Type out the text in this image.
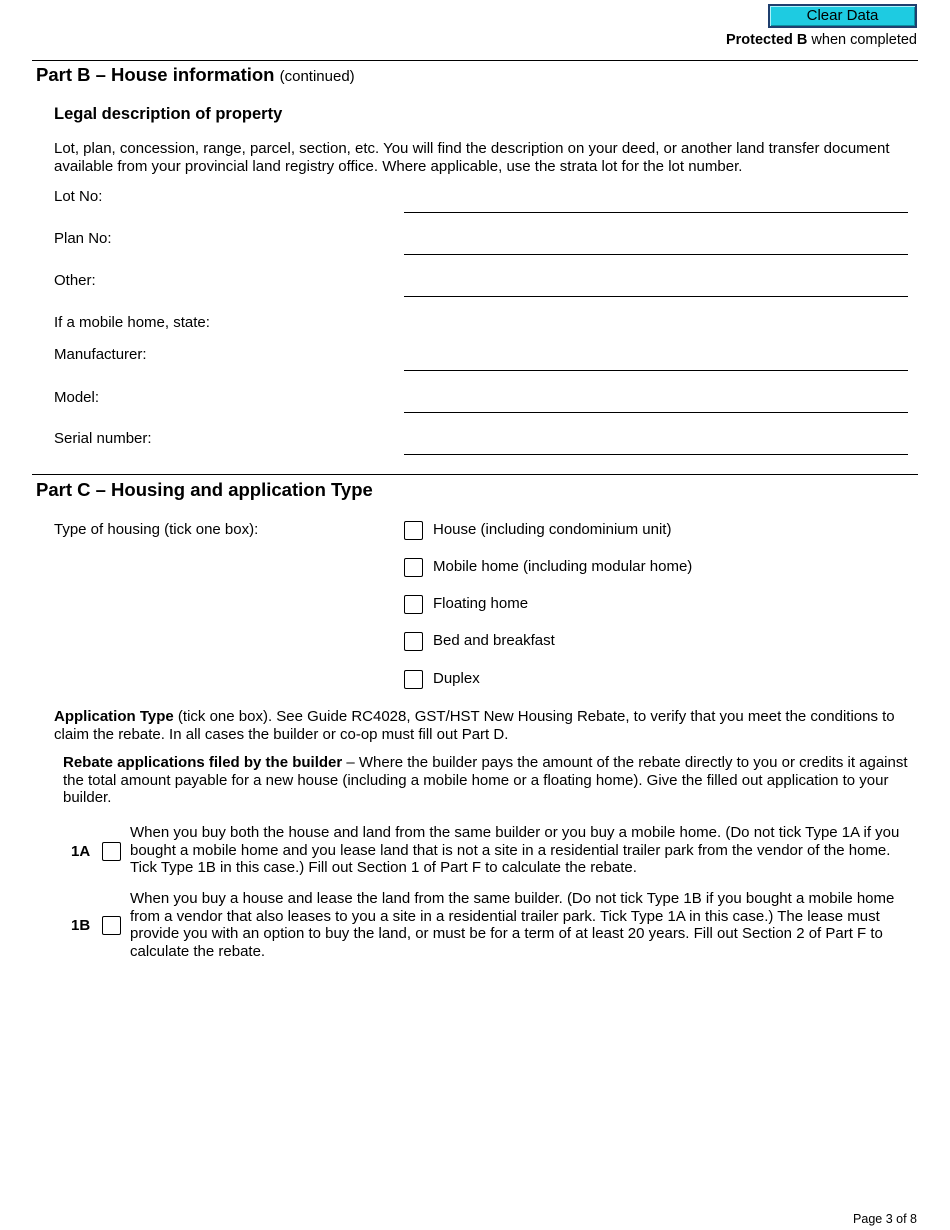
Clear Data
Protected B when completed
Part B – House information (continued)
Legal description of property
Lot, plan, concession, range, parcel, section, etc. You will find the description on your deed, or another land transfer document available from your provincial land registry office. Where applicable, use the strata lot for the lot number.
Lot No:
Plan No:
Other:
If a mobile home, state:
Manufacturer:
Model:
Serial number:
Part C – Housing and application Type
Type of housing (tick one box):	House (including condominium unit)
Mobile home (including modular home)
Floating home
Bed and breakfast
Duplex
Application Type (tick one box). See Guide RC4028, GST/HST New Housing Rebate, to verify that you meet the conditions to claim the rebate. In all cases the builder or co-op must fill out Part D.
Rebate applications filed by the builder – Where the builder pays the amount of the rebate directly to you or credits it against the total amount payable for a new house (including a mobile home or a floating home). Give the filled out application to your builder.
1A
When you buy both the house and land from the same builder or you buy a mobile home. (Do not tick Type 1A if you bought a mobile home and you lease land that is not a site in a residential trailer park from the vendor of the home. Tick Type 1B in this case.) Fill out Section 1 of Part F to calculate the rebate.
1B
When you buy a house and lease the land from the same builder. (Do not tick Type 1B if you bought a mobile home from a vendor that also leases to you a site in a residential trailer park. Tick Type 1A in this case.) The lease must provide you with an option to buy the land, or must be for a term of at least 20 years. Fill out Section 2 of Part F to calculate the rebate.
Page 3 of 8
